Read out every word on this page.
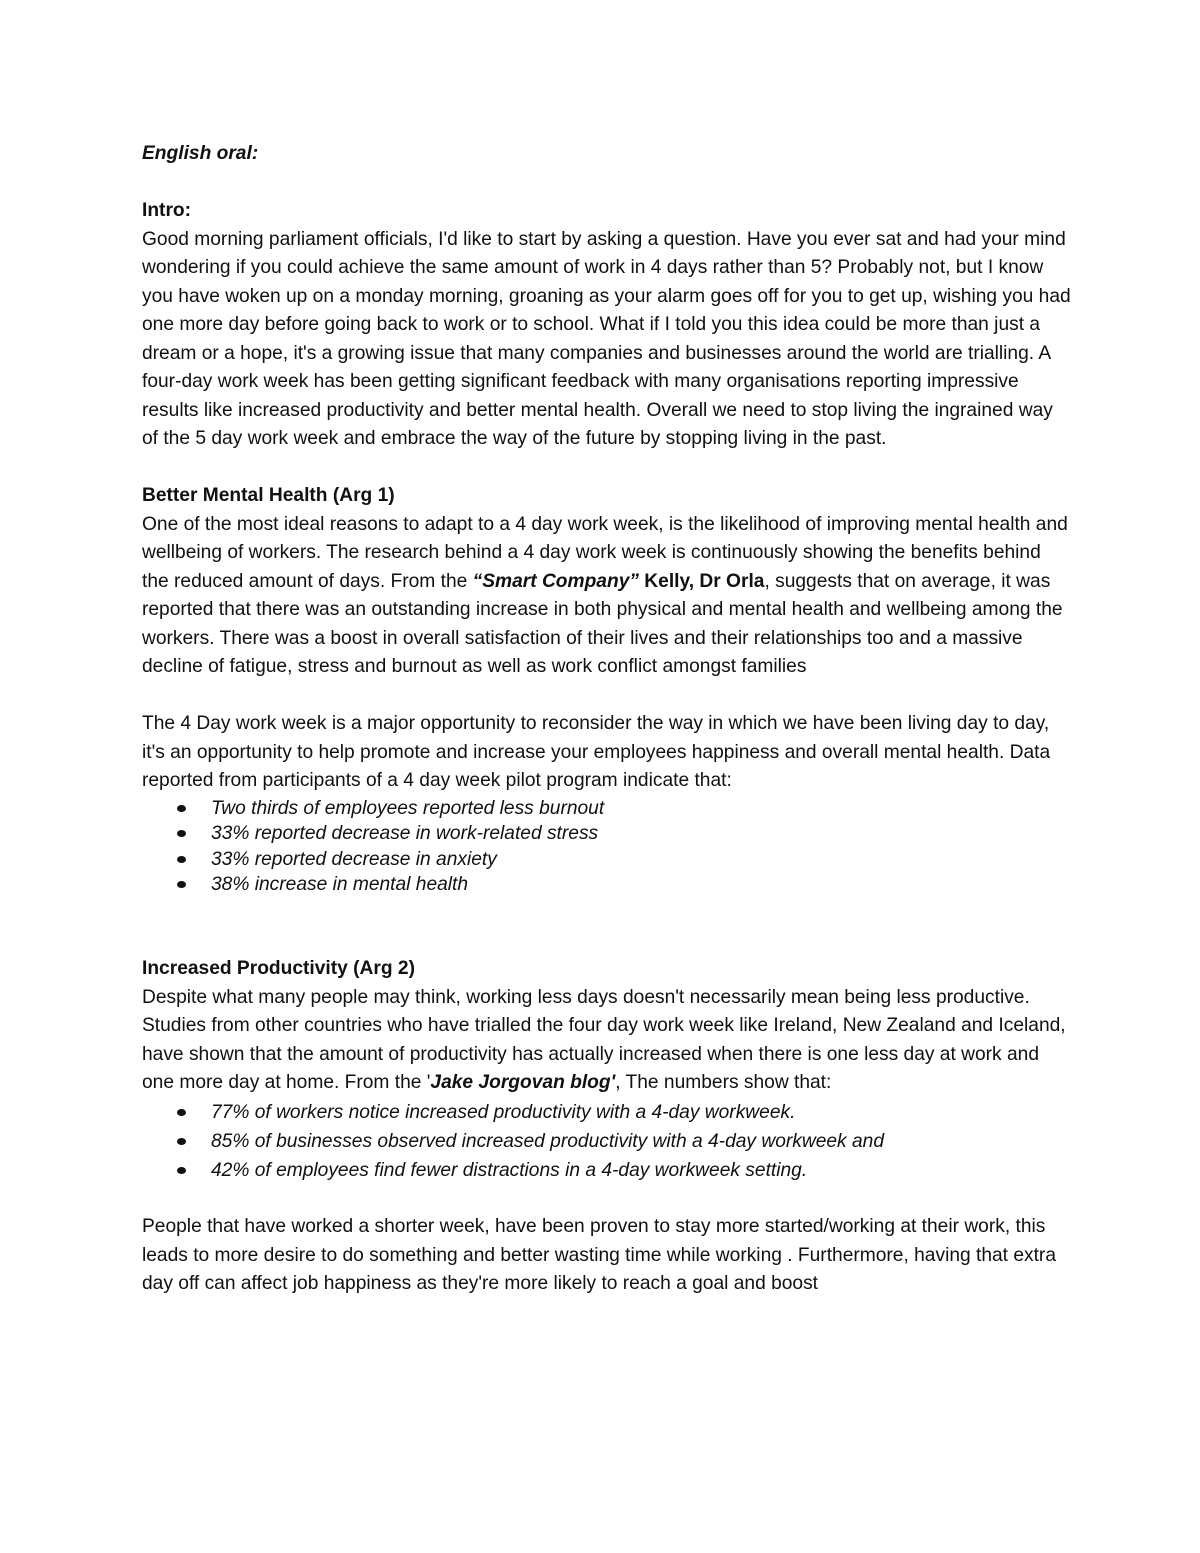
English oral:

Intro:

Good morning parliament officials, I'd like to start by asking a question. Have you ever sat and had your mind wondering if you could achieve the same amount of work in 4 days rather than 5? Probably not, but I know you have woken up on a monday morning, groaning as your alarm goes off for you to get up, wishing you had one more day before going back to work or to school. What if I told you this idea could be more than just a dream or a hope, it's a growing issue that many companies and businesses around the world are trialling. A four-day work week has been getting significant feedback with many organisations reporting impressive results like increased productivity and better mental health. Overall we need to stop living the ingrained way of the 5 day work week and embrace the way of the future by stopping living in the past.

Better Mental Health (Arg 1)

One of the most ideal reasons to adapt to a 4 day work week, is the likelihood of improving mental health and wellbeing of workers. The research behind a 4 day work week is continuously showing the benefits behind the reduced amount of days. From the “Smart Company” Kelly, Dr Orla, suggests that on average, it was reported that there was an outstanding increase in both physical and mental health and wellbeing among the workers. There was a boost in overall satisfaction of their lives and their relationships too and a massive decline of fatigue, stress and burnout as well as work conflict amongst families

The 4 Day work week is a major opportunity to reconsider the way in which we have been living day to day, it's an opportunity to help promote and increase your employees happiness and overall mental health. Data reported from participants of a 4 day week pilot program indicate that:

Two thirds of employees reported less burnout
33% reported decrease in work-related stress
33% reported decrease in anxiety
38% increase in mental health

Increased Productivity (Arg 2)

Despite what many people may think, working less days doesn't necessarily mean being less productive. Studies from other countries who have trialled the four day work week like Ireland, New Zealand and Iceland, have shown that the amount of productivity has actually increased when there is one less day at work and one more day at home. From the 'Jake Jorgovan blog', The numbers show that:

77% of workers notice increased productivity with a 4-day workweek.
85% of businesses observed increased productivity with a 4-day workweek and
42% of employees find fewer distractions in a 4-day workweek setting.

People that have worked a shorter week, have been proven to stay more started/working at their work, this leads to more desire to do something and better wasting time while working . Furthermore, having that extra day off can affect job happiness as they're more likely to reach a goal and boost
